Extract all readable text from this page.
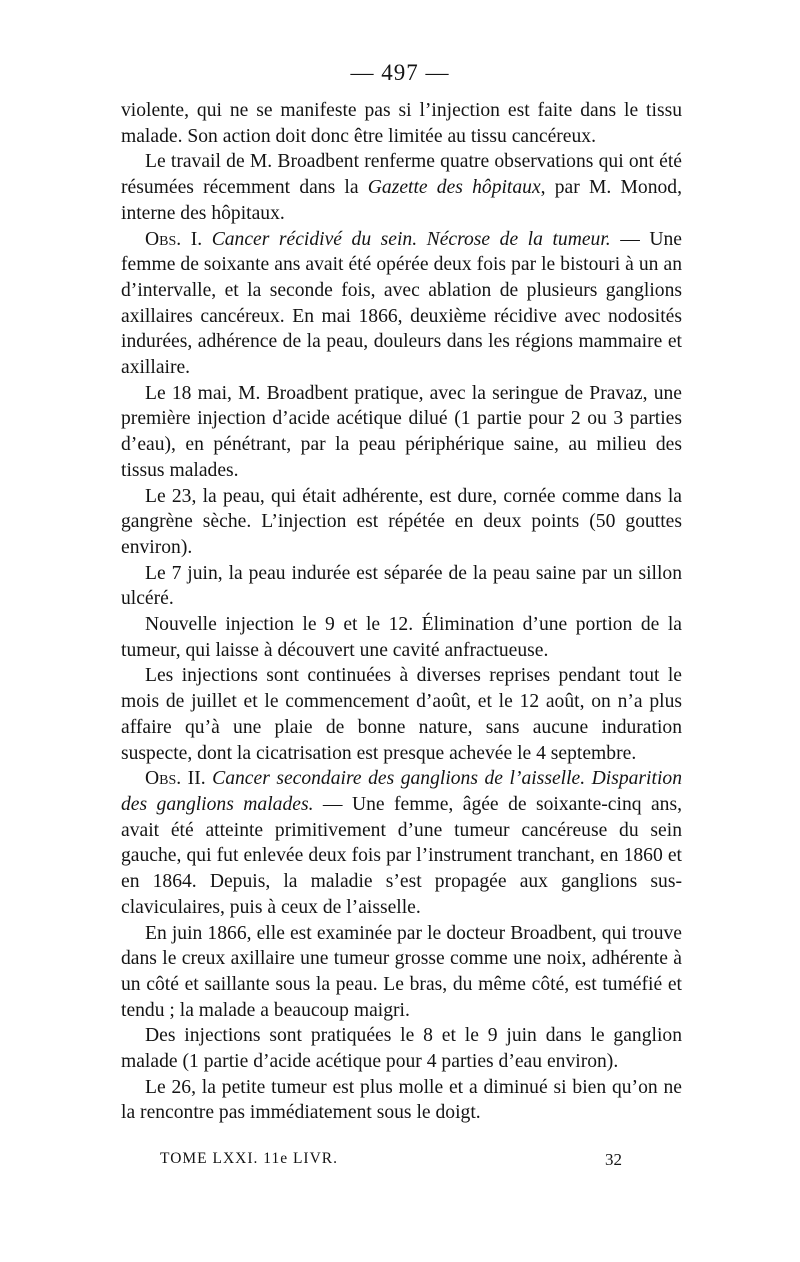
— 497 —

violente, qui ne se manifeste pas si l’injection est faite dans le tissu malade. Son action doit donc être limitée au tissu cancéreux.

Le travail de M. Broadbent renferme quatre observations qui ont été résumées récemment dans la Gazette des hôpitaux, par M. Monod, interne des hôpitaux.

Obs. I. Cancer récidivé du sein. Nécrose de la tumeur. — Une femme de soixante ans avait été opérée deux fois par le bistouri à un an d’intervalle, et la seconde fois, avec ablation de plusieurs ganglions axillaires cancéreux. En mai 1866, deuxième récidive avec nodosités indurées, adhérence de la peau, douleurs dans les régions mammaire et axillaire.

Le 18 mai, M. Broadbent pratique, avec la seringue de Pravaz, une première injection d’acide acétique dilué (1 partie pour 2 ou 3 parties d’eau), en pénétrant, par la peau périphérique saine, au milieu des tissus malades.

Le 23, la peau, qui était adhérente, est dure, cornée comme dans la gangrène sèche. L’injection est répétée en deux points (50 gouttes environ).

Le 7 juin, la peau indurée est séparée de la peau saine par un sillon ulcéré.

Nouvelle injection le 9 et le 12. Élimination d’une portion de la tumeur, qui laisse à découvert une cavité anfractueuse.

Les injections sont continuées à diverses reprises pendant tout le mois de juillet et le commencement d’août, et le 12 août, on n’a plus affaire qu’à une plaie de bonne nature, sans aucune induration suspecte, dont la cicatrisation est presque achevée le 4 septembre.

Obs. II. Cancer secondaire des ganglions de l’aisselle. Disparition des ganglions malades. — Une femme, âgée de soixante-cinq ans, avait été atteinte primitivement d’une tumeur cancéreuse du sein gauche, qui fut enlevée deux fois par l’instrument tranchant, en 1860 et en 1864. Depuis, la maladie s’est propagée aux ganglions sus-claviculaires, puis à ceux de l’aisselle.

En juin 1866, elle est examinée par le docteur Broadbent, qui trouve dans le creux axillaire une tumeur grosse comme une noix, adhérente à un côté et saillante sous la peau. Le bras, du même côté, est tuméfié et tendu ; la malade a beaucoup maigri.

Des injections sont pratiquées le 8 et le 9 juin dans le ganglion malade (1 partie d’acide acétique pour 4 parties d’eau environ).

Le 26, la petite tumeur est plus molle et a diminué si bien qu’on ne la rencontre pas immédiatement sous le doigt.

TOME LXXI. 11e LIVR.	32
